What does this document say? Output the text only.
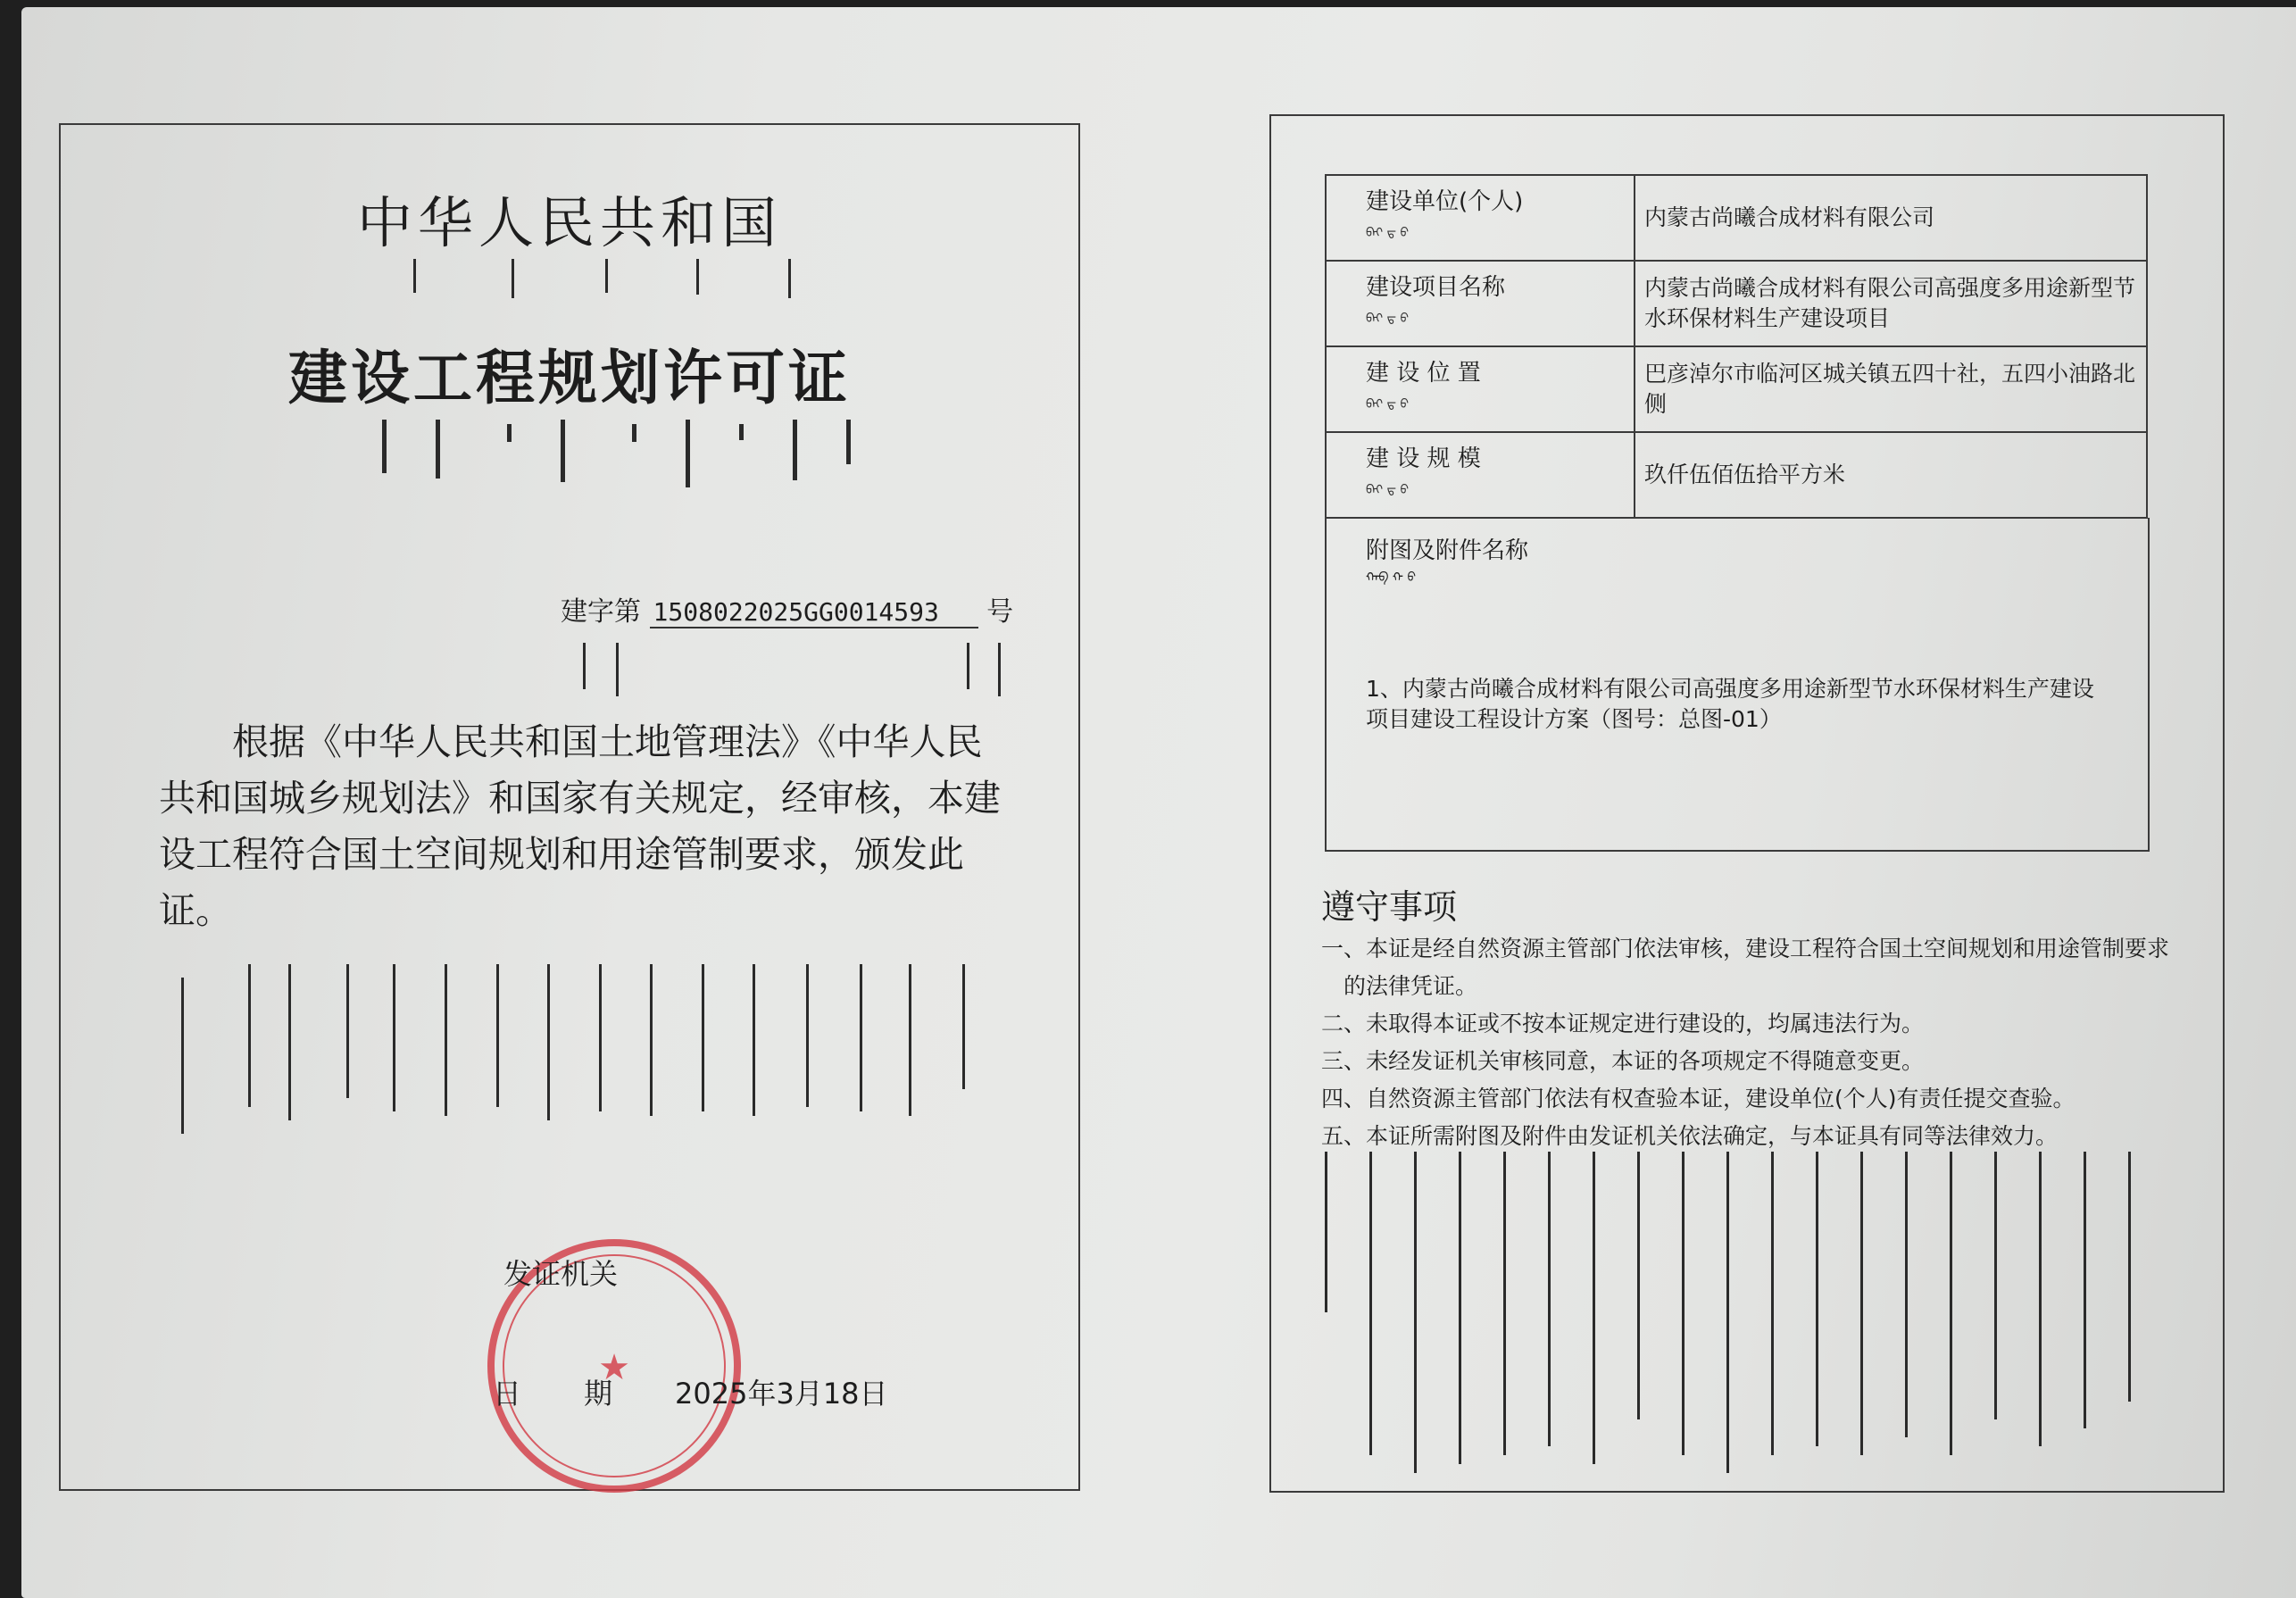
中华人民共和国
建设工程规划许可证
建字第 1508022025GG0014593 号

根据《中华人民共和国土地管理法》《中华人民共和国城乡规划法》和国家有关规定，经审核，本建设工程符合国土空间规划和用途管制要求，颁发此证。

★
发证机关
日期2025年3月18日
建设单位(个人)
ᠪᠠᠢ ᠳ ᠪ	内蒙古尚曦合成材料有限公司

建设项目名称
ᠪᠠᠢ ᠳ ᠪ	内蒙古尚曦合成材料有限公司高强度多用途新型节水环保材料生产建设项目

建 设 位 置
ᠪᠠᠢ ᠳ ᠪ	巴彦淖尔市临河区城关镇五四十社，五四小油路北侧

建 设 规 模
ᠪᠠᠢ ᠳ ᠪ	玖仟伍佰伍拾平方米
附图及附件名称
ᠬᠠᠪ ᠬ ᠪ
1、内蒙古尚曦合成材料有限公司高强度多用途新型节水环保材料生产建设项目建设工程设计方案（图号：总图-01）
遵守事项
一、本证是经自然资源主管部门依法审核，建设工程符合国土空间规划和用途管制要求的法律凭证。
二、未取得本证或不按本证规定进行建设的，均属违法行为。
三、未经发证机关审核同意，本证的各项规定不得随意变更。
四、自然资源主管部门依法有权查验本证，建设单位(个人)有责任提交查验。
五、本证所需附图及附件由发证机关依法确定，与本证具有同等法律效力。
